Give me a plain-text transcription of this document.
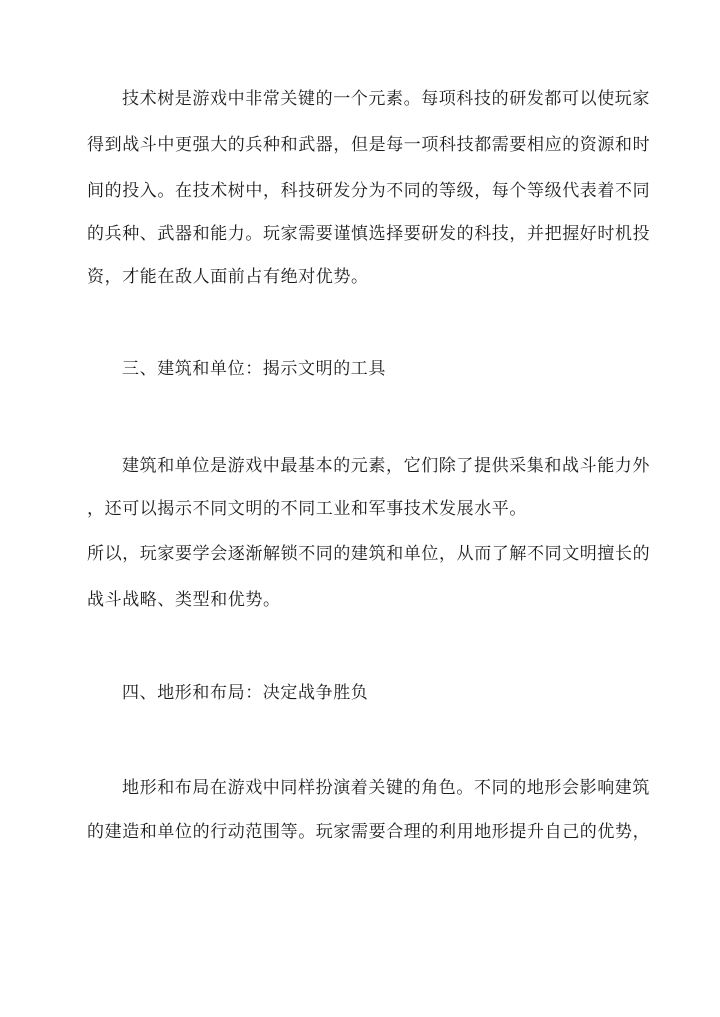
技术树是游戏中非常关键的一个元素。每项科技的研发都可以使玩家
得到战斗中更强大的兵种和武器，但是每一项科技都需要相应的资源和时
间的投入。在技术树中，科技研发分为不同的等级，每个等级代表着不同
的兵种、武器和能力。玩家需要谨慎选择要研发的科技，并把握好时机投
资，才能在敌人面前占有绝对优势。
三、建筑和单位：揭示文明的工具
建筑和单位是游戏中最基本的元素，它们除了提供采集和战斗能力外
，还可以揭示不同文明的不同工业和军事技术发展水平。
所以，玩家要学会逐渐解锁不同的建筑和单位，从而了解不同文明擅长的
战斗战略、类型和优势。
四、地形和布局：决定战争胜负
地形和布局在游戏中同样扮演着关键的角色。不同的地形会影响建筑
的建造和单位的行动范围等。玩家需要合理的利用地形提升自己的优势，
